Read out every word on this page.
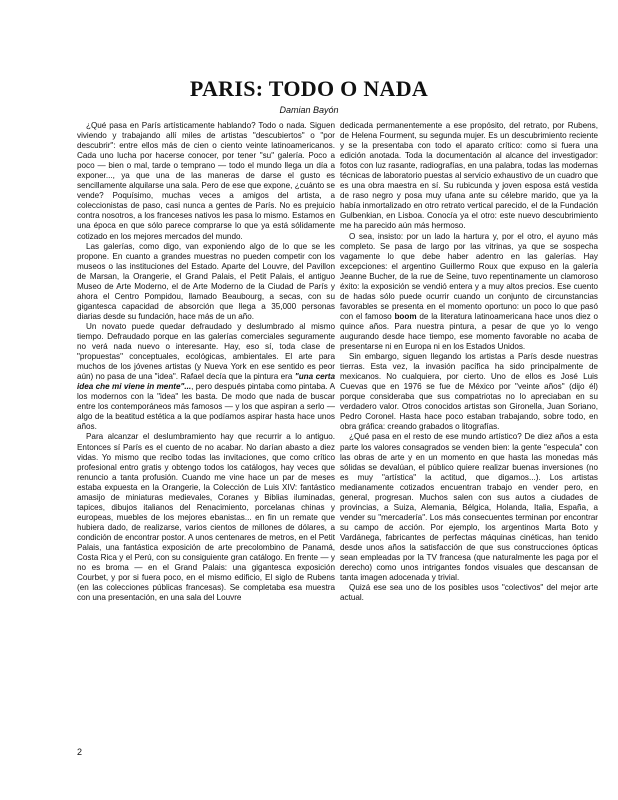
PARIS: TODO O NADA
Damian Bayón

¿Qué pasa en París artísticamente hablando? Todo o nada. Siguen viviendo y trabajando allí miles de artistas "descubiertos" o "por descubrir": entre ellos más de cien o ciento veinte latinoamericanos. Cada uno lucha por hacerse conocer, por tener "su" galería. Poco a poco — bien o mal, tarde o temprano — todo el mundo llega un día a exponer..., ya que una de las maneras de darse el gusto es sencillamente alquilarse una sala. Pero de ese que expone, ¿cuánto se vende? Poquísimo, muchas veces a amigos del artista, a coleccionistas de paso, casi nunca a gentes de París. No es prejuicio contra nosotros, a los franceses nativos les pasa lo mismo. Estamos en una época en que sólo parece comprarse lo que ya está sólidamente cotizado en los mejores mercados del mundo.

Las galerías, como digo, van exponiendo algo de lo que se les propone. En cuanto a grandes muestras no pueden competir con los museos o las instituciones del Estado. Aparte del Louvre, del Pavillon de Marsan, la Orangerie, el Grand Palais, el Petit Palais, el antiguo Museo de Arte Moderno, el de Arte Moderno de la Ciudad de París y ahora el Centro Pompidou, llamado Beaubourg, a secas, con su gigantesca capacidad de absorción que llega a 35,000 personas diarias desde su fundación, hace más de un año.

Un novato puede quedar defraudado y deslumbrado al mismo tiempo. Defraudado porque en las galerías comerciales seguramente no verá nada nuevo o interesante. Hay, eso sí, toda clase de "propuestas" conceptuales, ecológicas, ambientales. El arte para muchos de los jóvenes artistas (y Nueva York en ese sentido es peor aún) no pasa de una "idea". Rafael decía que la pintura era "una certa idea che mi viene in mente"..., pero después pintaba como pintaba. A los modernos con la "idea" les basta. De modo que nada de buscar entre los contemporáneos más famosos — y los que aspiran a serlo — algo de la beatitud estética a la que podíamos aspirar hasta hace unos años.

Para alcanzar el deslumbramiento hay que recurrir a lo antiguo. Entonces sí París es el cuento de no acabar. No darían abasto a diez vidas. Yo mismo que recibo todas las invitaciones, que como crítico profesional entro gratis y obtengo todos los catálogos, hay veces que renuncio a tanta profusión. Cuando me vine hace un par de meses estaba expuesta en la Orangerie, la Colección de Luis XIV: fantástico amasijo de miniaturas medievales, Coranes y Biblias iluminadas, tapices, dibujos italianos del Renacimiento, porcelanas chinas y europeas, muebles de los mejores ebanistas... en fin un remate que hubiera dado, de realizarse, varios cientos de millones de dólares, a condición de encontrar postor. A unos centenares de metros, en el Petit Palais, una fantástica exposición de arte precolombino de Panamá, Costa Rica y el Perú, con su consiguiente gran catálogo. En frente — y no es broma — en el Grand Palais: una gigantesca exposición Courbet, y por si fuera poco, en el mismo edificio, El siglo de Rubens (en las colecciones públicas francesas). Se completaba esa muestra con una presentación, en una sala del Louvre

dedicada permanentemente a ese propósito, del retrato, por Rubens, de Helena Fourment, su segunda mujer. Es un descubrimiento reciente y se la presentaba con todo el aparato crítico: como si fuera una edición anotada. Toda la documentación al alcance del investigador: fotos con luz rasante, radiografías, en una palabra, todas las modernas técnicas de laboratorio puestas al servicio exhaustivo de un cuadro que es una obra maestra en sí. Su rubicunda y joven esposa está vestida de raso negro y posa muy ufana ante su célebre marido, que ya la había inmortalizado en otro retrato vertical parecido, el de la Fundación Gulbenkian, en Lisboa. Conocía ya el otro: este nuevo descubrimiento me ha parecido aún más hermoso.

O sea, insisto: por un lado la hartura y, por el otro, el ayuno más completo. Se pasa de largo por las vitrinas, ya que se sospecha vagamente lo que debe haber adentro en las galerías. Hay excepciones: el argentino Guillermo Roux que expuso en la galería Jeanne Bucher, de la rue de Seine, tuvo repentinamente un clamoroso éxito: la exposición se vendió entera y a muy altos precios. Ese cuento de hadas sólo puede ocurrir cuando un conjunto de circunstancias favorables se presenta en el momento oportuno: un poco lo que pasó con el famoso boom de la literatura latinoamericana hace unos diez o quince años. Para nuestra pintura, a pesar de que yo lo vengo augurando desde hace tiempo, ese momento favorable no acaba de presentarse ni en Europa ni en los Estados Unidos.

Sin embargo, siguen llegando los artistas a París desde nuestras tierras. Esta vez, la invasión pacífica ha sido principalmente de mexicanos. No cualquiera, por cierto. Uno de ellos es José Luis Cuevas que en 1976 se fue de México por "veinte años" (dijo él) porque consideraba que sus compatriotas no lo apreciaban en su verdadero valor. Otros conocidos artistas son Gironella, Juan Soriano, Pedro Coronel. Hasta hace poco estaban trabajando, sobre todo, en obra gráfica: creando grabados o litografías.

¿Qué pasa en el resto de ese mundo artístico? De diez años a esta parte los valores consagrados se venden bien: la gente "especula" con las obras de arte y en un momento en que hasta las monedas más sólidas se devalúan, el público quiere realizar buenas inversiones (no es muy "artística" la actitud, que digamos...). Los artistas medianamente cotizados encuentran trabajo en vender pero, en general, progresan. Muchos salen con sus autos a ciudades de provincias, a Suiza, Alemania, Bélgica, Holanda, Italia, España, a vender su "mercadería". Los más consecuentes terminan por encontrar su campo de acción. Por ejemplo, los argentinos Marta Boto y Vardánega, fabricantes de perfectas máquinas cinéticas, han tenido desde unos años la satisfacción de que sus construcciones ópticas sean empleadas por la TV francesa (que naturalmente les paga por el derecho) como unos intrigantes fondos visuales que descansan de tanta imagen adocenada y trivial.

Quizá ese sea uno de los posibles usos "colectivos" del mejor arte actual.

2
